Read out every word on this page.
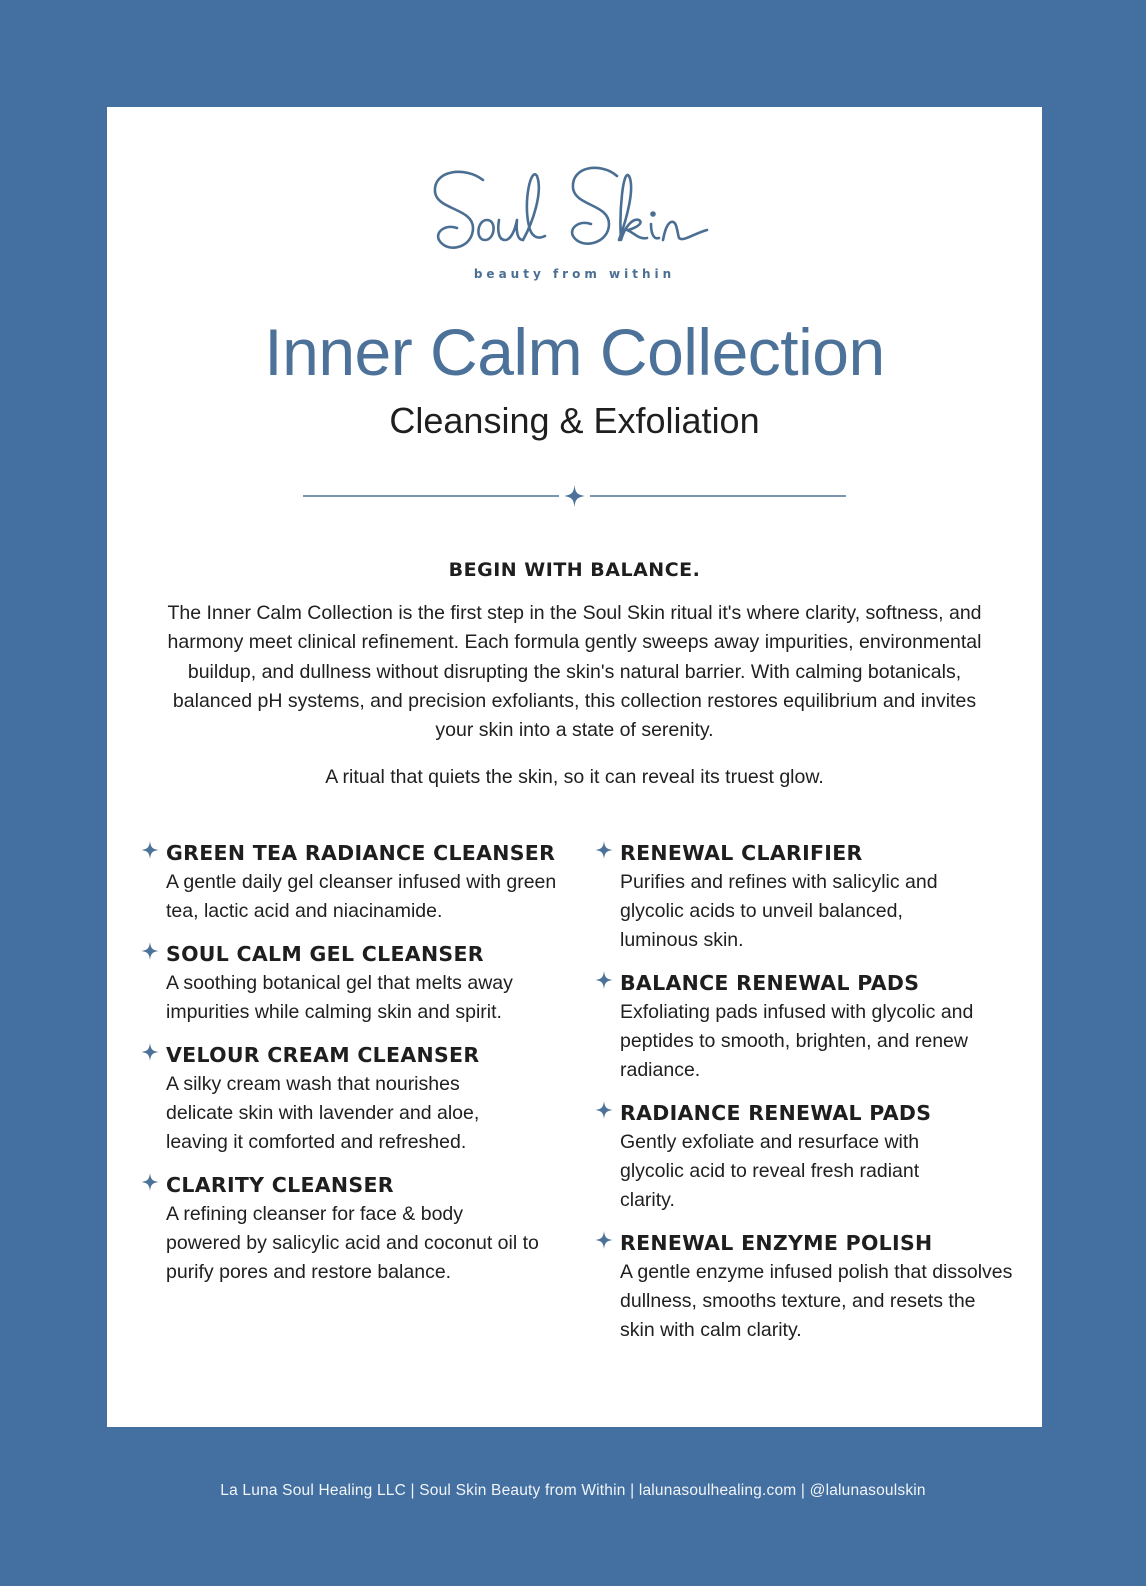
beauty from within
Inner Calm Collection
Cleansing & Exfoliation
BEGIN WITH BALANCE.

The Inner Calm Collection is the first step in the Soul Skin ritual it's where clarity, softness, and harmony meet clinical refinement. Each formula gently sweeps away impurities, environmental buildup, and dullness without disrupting the skin's natural barrier. With calming botanicals, balanced pH systems, and precision exfoliants, this collection restores equilibrium and invites your skin into a state of serenity.

A ritual that quiets the skin, so it can reveal its truest glow.

GREEN TEA RADIANCE CLEANSER

A gentle daily gel cleanser infused with green tea, lactic acid and niacinamide.

SOUL CALM GEL CLEANSER

A soothing botanical gel that melts away impurities while calming skin and spirit.

VELOUR CREAM CLEANSER

A silky cream wash that nourishes delicate skin with lavender and aloe, leaving it comforted and refreshed.

CLARITY CLEANSER

A refining cleanser for face & body powered by salicylic acid and coconut oil to purify pores and restore balance.

RENEWAL CLARIFIER

Purifies and refines with salicylic and glycolic acids to unveil balanced, luminous skin.

BALANCE RENEWAL PADS

Exfoliating pads infused with glycolic and peptides to smooth, brighten, and renew radiance.

RADIANCE RENEWAL PADS

Gently exfoliate and resurface with glycolic acid to reveal fresh radiant clarity.

RENEWAL ENZYME POLISH

A gentle enzyme infused polish that dissolves dullness, smooths texture, and resets the skin with calm clarity.

La Luna Soul Healing LLC | Soul Skin Beauty from Within | lalunasoulhealing.com | @lalunasoulskin
